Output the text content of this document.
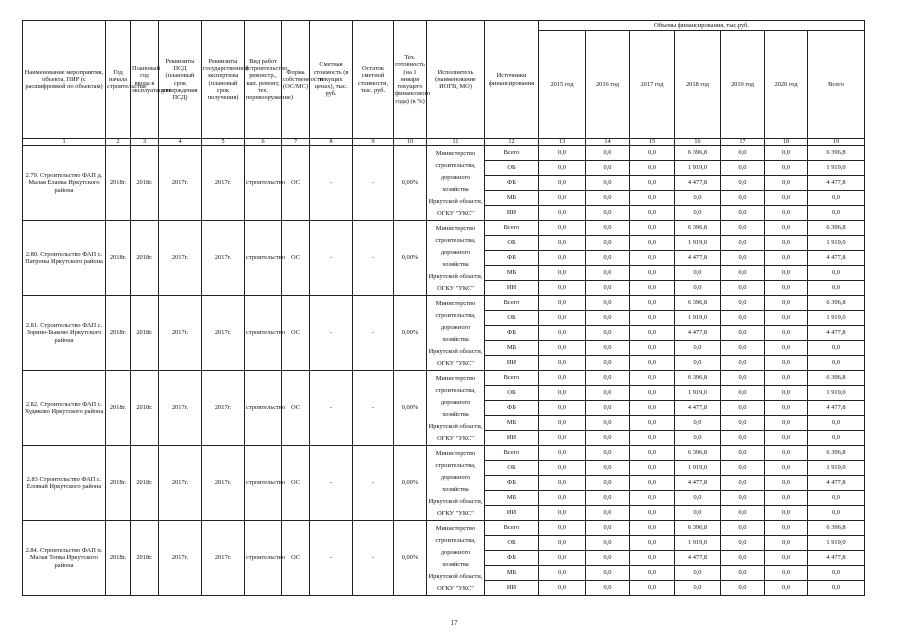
Наименование мероприятия, объекта, ПИР (с расшифровкой по объектам)	Год начала строительства	Плановый год ввода в эксплуатацию	Реквизиты ПСД (плановый срок утверждения ПСД)	Реквизиты государственной экспертизы (плановый срок получения)	Вид работ (строительство, реконстр., кап. ремонт, тех. перевооружение)	Форма собственности (ОС/МС)	Сметная стоимость (в текущих ценах), тыс. руб.	Остаток сметной стоимости, тыс. руб.	Тех. готовность (на 1 января текущего финансового года) (в %)	Исполнитель (наименование ИОГВ, МО)	Источники финансирования	Объемы финансирования, тыс.руб.						
												2015 год	2016 год	2017 год	2018 год	2019 год	2020 год	Всего
1	2	3	4	5	6	7	8	9	10	11	12	13	14	15	16	17	18	19
2.79. Строительство ФАП д. Малая Еланка Иркутского района	2018г.	2018г.	2017г.	2017г.	строительство	ОС	-	-	0,00%	Министерство строительства, дорожного хозяйства Иркутской области, ОГКУ "УКС"	Всего	0,0	0,0	0,0	6 396,8	0,0	0,0	6 396,8
											ОБ	0,0	0,0	0,0	1 919,0	0,0	0,0	1 919,0
											ФБ	0,0	0,0	0,0	4 477,8	0,0	0,0	4 477,8
											МБ	0,0	0,0	0,0	0,0	0,0	0,0	0,0
											ИИ	0,0	0,0	0,0	0,0	0,0	0,0	0,0
2.80. Строительство ФАП с. Патроны Иркутского района	2018г.	2018г.	2017г.	2017г.	строительство	ОС	-	-	0,00%	Министерство строительства, дорожного хозяйства Иркутской области, ОГКУ "УКС"	Всего	0,0	0,0	0,0	6 396,8	0,0	0,0	6 396,8
											ОБ	0,0	0,0	0,0	1 919,0	0,0	0,0	1 919,0
											ФБ	0,0	0,0	0,0	4 477,8	0,0	0,0	4 477,8
											МБ	0,0	0,0	0,0	0,0	0,0	0,0	0,0
											ИИ	0,0	0,0	0,0	0,0	0,0	0,0	0,0
2.81. Строительство ФАП с. Зорино-Быково Иркутского района	2018г.	2018г.	2017г.	2017г.	строительство	ОС	-	-	0,00%	Министерство строительства, дорожного хозяйства Иркутской области, ОГКУ "УКС"	Всего	0,0	0,0	0,0	6 396,8	0,0	0,0	6 396,8
											ОБ	0,0	0,0	0,0	1 919,0	0,0	0,0	1 919,0
											ФБ	0,0	0,0	0,0	4 477,8	0,0	0,0	4 477,8
											МБ	0,0	0,0	0,0	0,0	0,0	0,0	0,0
											ИИ	0,0	0,0	0,0	0,0	0,0	0,0	0,0
2.82. Строительство ФАП с. Худяково Иркутского района	2018г.	2018г.	2017г.	2017г.	строительство	ОС	-	-	0,00%	Министерство строительства, дорожного хозяйства Иркутской области, ОГКУ "УКС"	Всего	0,0	0,0	0,0	6 396,8	0,0	0,0	6 396,8
											ОБ	0,0	0,0	0,0	1 919,0	0,0	0,0	1 919,0
											ФБ	0,0	0,0	0,0	4 477,8	0,0	0,0	4 477,8
											МБ	0,0	0,0	0,0	0,0	0,0	0,0	0,0
											ИИ	0,0	0,0	0,0	0,0	0,0	0,0	0,0
2.83 Строительство ФАП с. Еловый Иркутского района	2018г.	2018г.	2017г.	2017г.	строительство	ОС	-	-	0,00%	Министерство строительства, дорожного хозяйства Иркутской области, ОГКУ "УКС"	Всего	0,0	0,0	0,0	6 396,8	0,0	0,0	6 396,8
											ОБ	0,0	0,0	0,0	1 919,0	0,0	0,0	1 919,0
											ФБ	0,0	0,0	0,0	4 477,8	0,0	0,0	4 477,8
											МБ	0,0	0,0	0,0	0,0	0,0	0,0	0,0
											ИИ	0,0	0,0	0,0	0,0	0,0	0,0	0,0
2.84. Строительство ФАП п. Малая Топка Иркутского района	2018г.	2018г.	2017г.	2017г.	строительство	ОС	-	-	0,00%	Министерство строительства, дорожного хозяйства Иркутской области, ОГКУ "УКС"	Всего	0,0	0,0	0,0	6 396,8	0,0	0,0	6 396,8
											ОБ	0,0	0,0	0,0	1 919,0	0,0	0,0	1 919,0
											ФБ	0,0	0,0	0,0	4 477,8	0,0	0,0	4 477,8
											МБ	0,0	0,0	0,0	0,0	0,0	0,0	0,0
											ИИ	0,0	0,0	0,0	0,0	0,0	0,0	0,0
17
